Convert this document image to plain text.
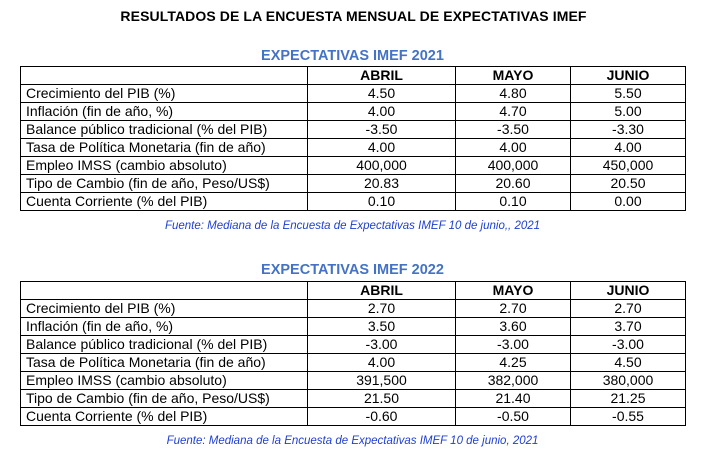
RESULTADOS DE LA ENCUESTA MENSUAL DE EXPECTATIVAS IMEF
EXPECTATIVAS IMEF 2021
	ABRIL	MAYO	JUNIO
Crecimiento del PIB (%)	4.50	4.80	5.50
Inflación (fin de año, %)	4.00	4.70	5.00
Balance público tradicional (% del PIB)	-3.50	-3.50	-3.30
Tasa de Política Monetaria (fin de año)	4.00	4.00	4.00
Empleo IMSS (cambio absoluto)	400,000	400,000	450,000
Tipo de Cambio (fin de año, Peso/US$)	20.83	20.60	20.50
Cuenta Corriente (% del PIB)	0.10	0.10	0.00
Fuente: Mediana de la Encuesta de Expectativas IMEF 10 de junio,, 2021
EXPECTATIVAS IMEF 2022
	ABRIL	MAYO	JUNIO
Crecimiento del PIB (%)	2.70	2.70	2.70
Inflación (fin de año, %)	3.50	3.60	3.70
Balance público tradicional (% del PIB)	-3.00	-3.00	-3.00
Tasa de Política Monetaria (fin de año)	4.00	4.25	4.50
Empleo IMSS (cambio absoluto)	391,500	382,000	380,000
Tipo de Cambio (fin de año, Peso/US$)	21.50	21.40	21.25
Cuenta Corriente (% del PIB)	-0.60	-0.50	-0.55
Fuente: Mediana de la Encuesta de Expectativas IMEF 10 de junio, 2021
